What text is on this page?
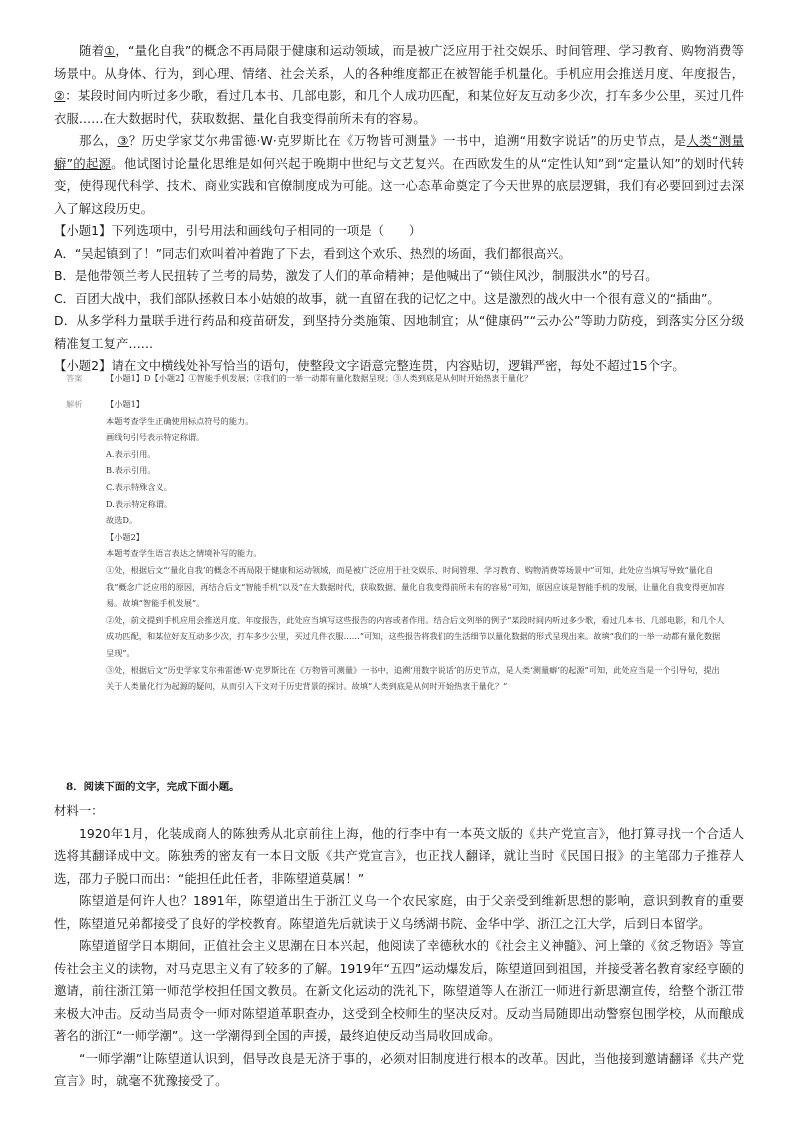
随着①，“量化自我”的概念不再局限于健康和运动领域，而是被广泛应用于社交娱乐、时间管理、学习教育、购物消费等场景中。从身体、行为，到心理、情绪、社会关系，人的各种维度都正在被智能手机量化。手机应用会推送月度、年度报告，②：某段时间内听过多少歌，看过几本书、几部电影，和几个人成功匹配，和某位好友互动多少次，打车多少公里，买过几件衣服……在大数据时代，获取数据、量化自我变得前所未有的容易。

那么，③？历史学家艾尔弗雷德·W·克罗斯比在《万物皆可测量》一书中，追溯“用数字说话”的历史节点，是人类“测量癖”的起源。他试图讨论量化思维是如何兴起于晚期中世纪与文艺复兴。在西欧发生的从“定性认知”到“定量认知”的划时代转变，使得现代科学、技术、商业实践和官僚制度成为可能。这一心态革命奠定了今天世界的底层逻辑，我们有必要回到过去深入了解这段历史。

【小题1】下列选项中，引号用法和画线句子相同的一项是（　　）

A．“吴起镇到了！”同志们欢叫着冲着跑了下去，看到这个欢乐、热烈的场面，我们都很高兴。

B．是他带领兰考人民扭转了兰考的局势，激发了人们的革命精神；是他喊出了“锁住风沙，制服洪水”的号召。

C．百团大战中，我们部队拯救日本小姑娘的故事，就一直留在我的记忆之中。这是激烈的战火中一个很有意义的“插曲”。

D．从多学科力量联手进行药品和疫苗研发，到坚持分类施策、因地制宜；从“健康码”“云办公”等助力防疫，到落实分区分级精准复工复产……

【小题2】请在文中横线处补写恰当的语句，使整段文字语意完整连贯，内容贴切，逻辑严密，每处不超过15个字。

答案	【小题1】D【小题2】①智能手机发展；②我们的一举一动都有量化数据呈现；③人类到底是从何时开始热衷于量化？
解析	【小题1】

本题考查学生正确使用标点符号的能力。

画线句引号表示特定称谓。

A.表示引用。

B.表示引用。

C.表示特殊含义。

D.表示特定称谓。

故选D。

【小题2】

本题考查学生语言表达之情境补写的能力。

①处，根据后文“‘量化自我’的概念不再局限于健康和运动领域，而是被广泛应用于社交娱乐、时间管理、学习教育、购物消费等场景中”可知，此处应当填写导致“量化自我”概念广泛应用的原因，再结合后文“智能手机”以及“在大数据时代，获取数据、量化自我变得前所未有的容易”可知，原因应该是智能手机的发展，让量化自我变得更加容易。故填“智能手机发展”。

②处，前文提到手机应用会推送月度、年度报告，此处应当填写这些报告的内容或者作用。结合后文列举的例子“某段时间内听过多少歌，看过几本书、几部电影，和几个人成功匹配，和某位好友互动多少次，打车多少公里，买过几件衣服……”可知，这些报告将我们的生活细节以量化数据的形式呈现出来。故填“我们的一举一动都有量化数据呈现”。

③处，根据后文“历史学家艾尔弗雷德·W·克罗斯比在《万物皆可测量》一书中，追溯‘用数字说话’的历史节点，是人类‘测量癖’的起源”可知，此处应当是一个引导句，提出关于人类量化行为起源的疑问，从而引入下文对于历史背景的探讨。故填“人类到底是从何时开始热衷于量化？”

8．阅读下面的文字，完成下面小题。

材料一：

1920年1月，化装成商人的陈独秀从北京前往上海，他的行李中有一本英文版的《共产党宣言》，他打算寻找一个合适人选将其翻译成中文。陈独秀的密友有一本日文版《共产党宣言》，也正找人翻译，就让当时《民国日报》的主笔邵力子推荐人选，邵力子脱口而出：“能担任此任者，非陈望道莫属！”

陈望道是何许人也？1891年，陈望道出生于浙江义乌一个农民家庭，由于父亲受到维新思想的影响，意识到教育的重要性，陈望道兄弟都接受了良好的学校教育。陈望道先后就读于义乌绣湖书院、金华中学、浙江之江大学，后到日本留学。

陈望道留学日本期间，正值社会主义思潮在日本兴起，他阅读了幸德秋水的《社会主义神髓》、河上肇的《贫乏物语》等宣传社会主义的读物，对马克思主义有了较多的了解。1919年“五四”运动爆发后，陈望道回到祖国，并接受著名教育家经亨颐的邀请，前往浙江第一师范学校担任国文教员。在新文化运动的洗礼下，陈望道等人在浙江一师进行新思潮宣传，给整个浙江带来极大冲击。反动当局责令一师对陈望道革职查办，这受到全校师生的坚决反对。反动当局随即出动警察包围学校，从而酿成著名的浙江“一师学潮”。这一学潮得到全国的声援，最终迫使反动当局收回成命。

“一师学潮”让陈望道认识到，倡导改良是无济于事的，必须对旧制度进行根本的改革。因此，当他接到邀请翻译《共产党宣言》时，就毫不犹豫接受了。
